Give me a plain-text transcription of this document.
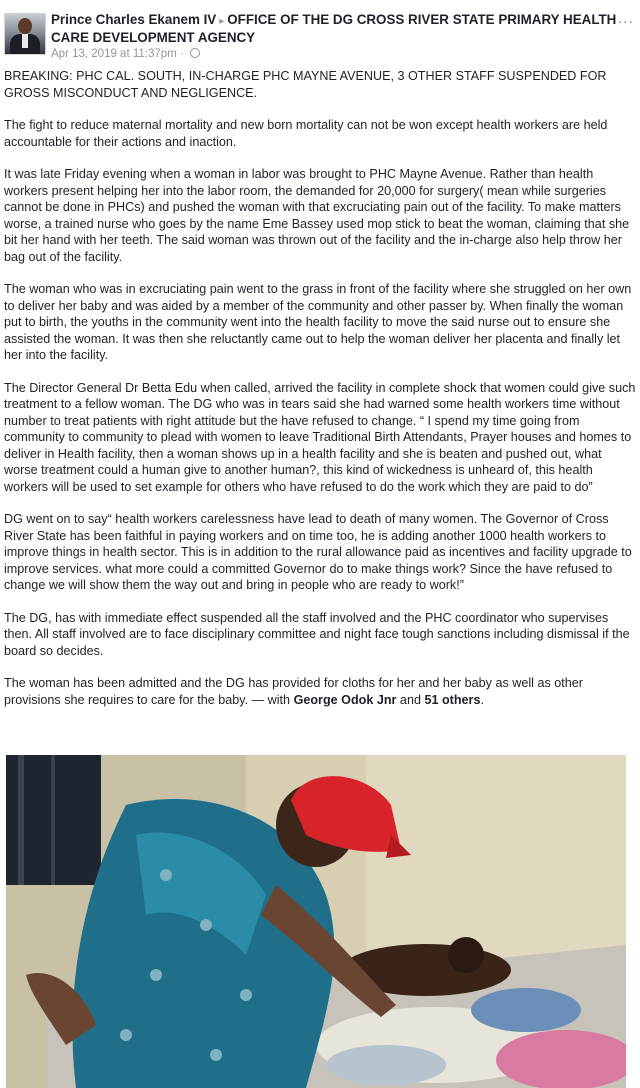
Prince Charles Ekanem IV ▸ OFFICE OF THE DG CROSS RIVER STATE PRIMARY HEALTH CARE DEVELOPMENT AGENCY
Apr 13, 2019 at 11:37pm ·
...

BREAKING: PHC CAL. SOUTH, IN-CHARGE PHC MAYNE AVENUE, 3 OTHER STAFF SUSPENDED FOR GROSS MISCONDUCT AND NEGLIGENCE.

The fight to reduce maternal mortality and new born mortality can not be won except health workers are held accountable for their actions and inaction.

It was late Friday evening when a woman in labor was brought to PHC Mayne Avenue. Rather than health workers present helping her into the labor room, the demanded for 20,000 for surgery( mean while surgeries cannot be done in PHCs) and pushed the woman with that excruciating pain out of the facility. To make matters worse, a trained nurse who goes by the name Eme Bassey used mop stick to beat the woman, claiming that she bit her hand with her teeth. The said woman was thrown out of the facility and the in-charge also help throw her bag out of the facility.

The woman who was in excruciating pain went to the grass in front of the facility where she struggled on her own to deliver her baby and was aided by a member of the community and other passer by. When finally the woman put to birth, the youths in the community went into the health facility to move the said nurse out to ensure she assisted the woman. It was then she reluctantly came out to help the woman deliver her placenta and finally let her into the facility.

The Director General Dr Betta Edu when called, arrived the facility in complete shock that women could give such treatment to a fellow woman. The DG who was in tears said she had warned some health workers time without number to treat patients with right attitude but the have refused to change. “ I spend my time going from community to community to plead with women to leave Traditional Birth Attendants, Prayer houses and homes to deliver in Health facility, then a woman shows up in a health facility and she is beaten and pushed out, what worse treatment could a human give to another human?, this kind of wickedness is unheard of, this health workers will be used to set example for others who have refused to do the work which they are paid to do”

DG went on to say“ health workers carelessness have lead to death of many women. The Governor of Cross River State has been faithful in paying workers and on time too, he is adding another 1000 health workers to improve things in health sector. This is in addition to the rural allowance paid as incentives and facility upgrade to improve services. what more could a committed Governor do to make things work? Since the have refused to change we will show them the way out and bring in people who are ready to work!”

The DG, has with immediate effect suspended all the staff involved and the PHC coordinator who supervises then. All staff involved are to face disciplinary committee and night face tough sanctions including dismissal if the board so decides.

The woman has been admitted and the DG has provided for cloths for her and her baby as well as other provisions she requires to care for the baby. — with George Odok Jnr and 51 others.
